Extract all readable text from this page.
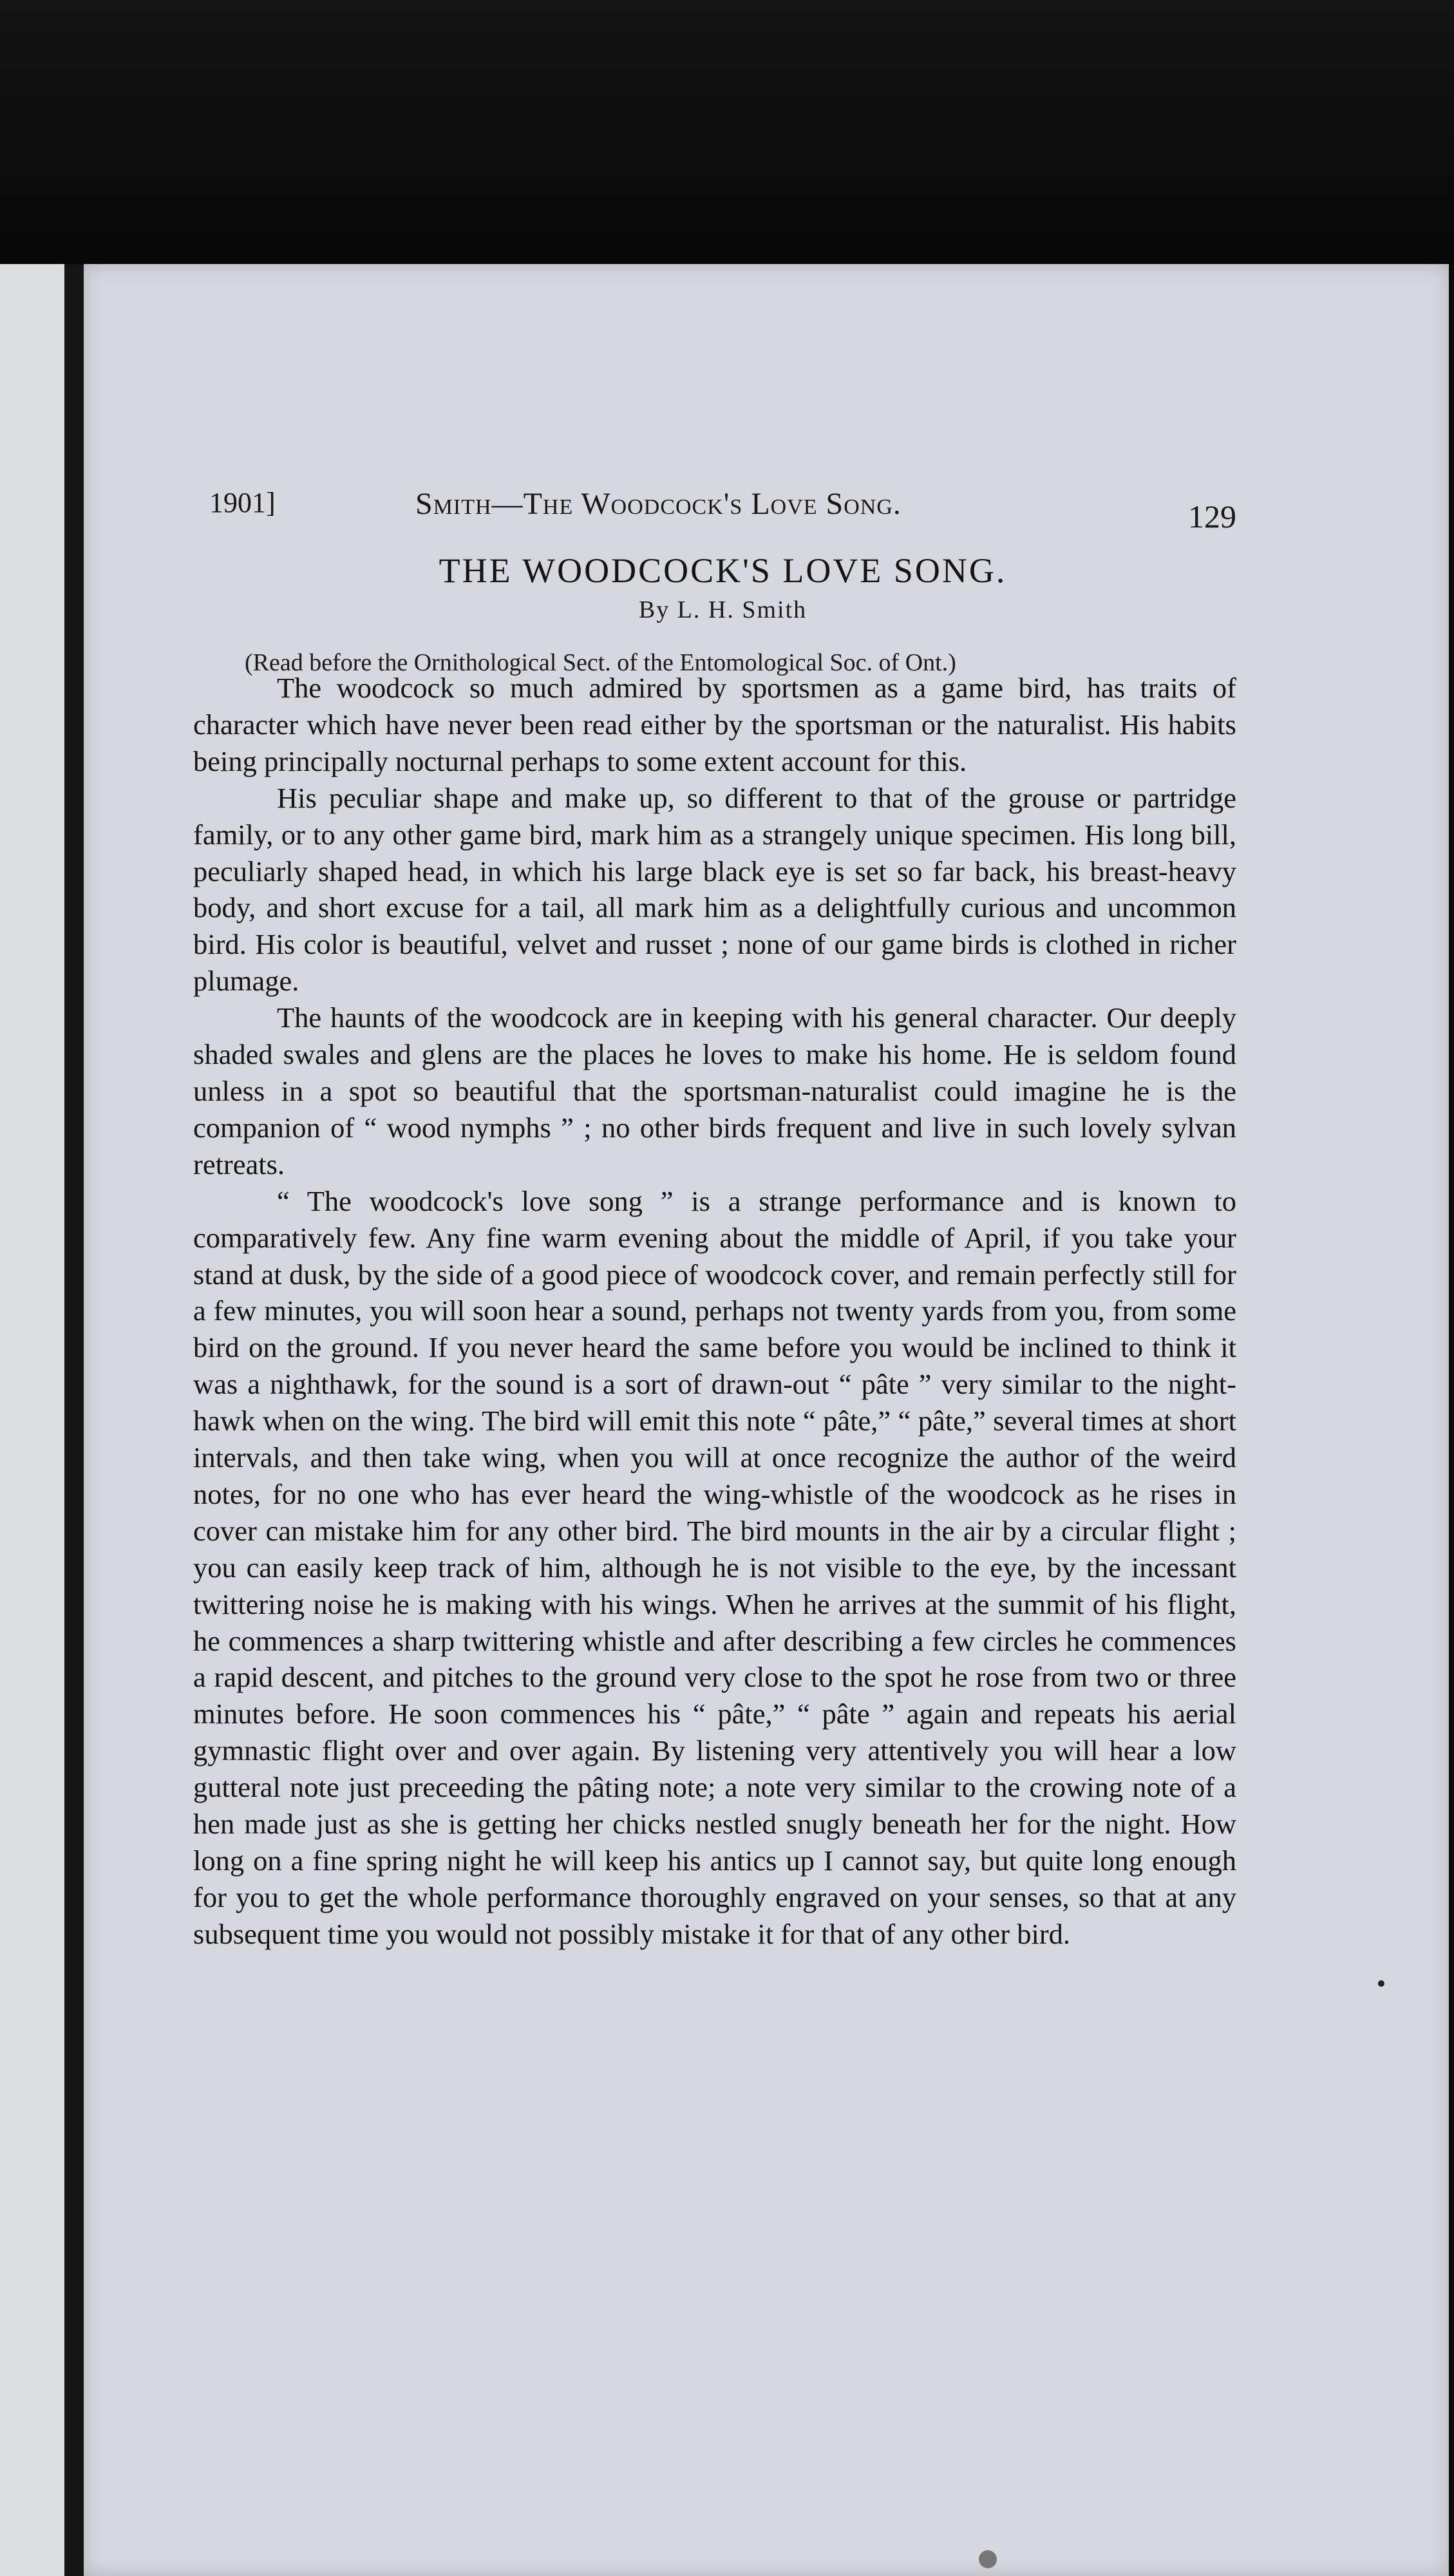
1901]	Smith—The Woodcock's Love Song.	129
THE WOODCOCK'S LOVE SONG.
By L. H. Smith
(Read before the Ornithological Sect. of the Entomological Soc. of Ont.)

The woodcock so much admired by sportsmen as a game bird, has traits of character which have never been read either by the sportsman or the naturalist. His habits being principally nocturnal perhaps to some extent account for this.

His peculiar shape and make up, so different to that of the grouse or partridge family, or to any other game bird, mark him as a strangely unique specimen. His long bill, peculiarly shaped head, in which his large black eye is set so far back, his breast-heavy body, and short excuse for a tail, all mark him as a delightfully curious and uncommon bird. His color is beautiful, velvet and russet ; none of our game birds is clothed in richer plumage.

The haunts of the woodcock are in keeping with his general character. Our deeply shaded swales and glens are the places he loves to make his home. He is seldom found unless in a spot so beautiful that the sportsman-naturalist could imagine he is the companion of “ wood nymphs ” ; no other birds frequent and live in such lovely sylvan retreats.

“ The woodcock's love song ” is a strange performance and is known to comparatively few. Any fine warm evening about the middle of April, if you take your stand at dusk, by the side of a good piece of woodcock cover, and remain perfectly still for a few minutes, you will soon hear a sound, perhaps not twenty yards from you, from some bird on the ground. If you never heard the same before you would be inclined to think it was a nighthawk, for the sound is a sort of drawn-out “ pâte ” very similar to the night-hawk when on the wing. The bird will emit this note “ pâte,” “ pâte,” several times at short intervals, and then take wing, when you will at once recognize the author of the weird notes, for no one who has ever heard the wing-whistle of the woodcock as he rises in cover can mistake him for any other bird. The bird mounts in the air by a circular flight ; you can easily keep track of him, although he is not visible to the eye, by the incessant twittering noise he is making with his wings. When he arrives at the summit of his flight, he commences a sharp twittering whistle and after describing a few circles he commences a rapid descent, and pitches to the ground very close to the spot he rose from two or three minutes before. He soon commences his “ pâte,” “ pâte ” again and repeats his aerial gymnastic flight over and over again. By listening very attentively you will hear a low gutteral note just preceeding the pâting note; a note very similar to the crowing note of a hen made just as she is getting her chicks nestled snugly beneath her for the night. How long on a fine spring night he will keep his antics up I cannot say, but quite long enough for you to get the whole performance thoroughly engraved on your senses, so that at any subsequent time you would not possibly mistake it for that of any other bird.
